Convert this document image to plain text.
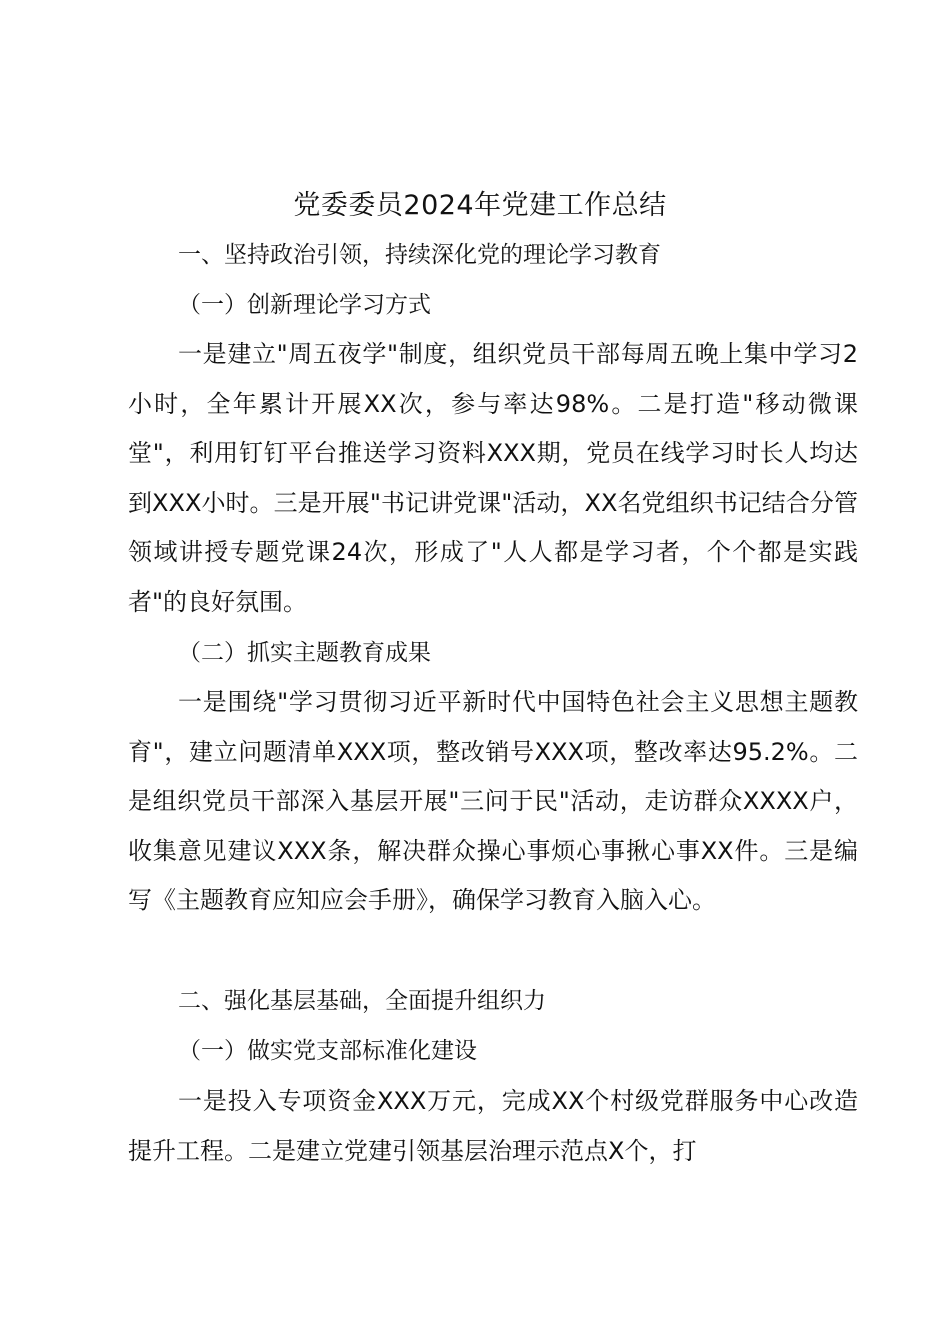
党委委员2024年党建工作总结
一、坚持政治引领，持续深化党的理论学习教育
（一）创新理论学习方式

一是建立"周五夜学"制度，组织党员干部每周五晚上集中学习2小时，全年累计开展XX次，参与率达98%。二是打造"移动微课堂"，利用钉钉平台推送学习资料XXX期，党员在线学习时长人均达到XXX小时。三是开展"书记讲党课"活动，XX名党组织书记结合分管领域讲授专题党课24次，形成了"人人都是学习者，个个都是实践者"的良好氛围。

（二）抓实主题教育成果

一是围绕"学习贯彻习近平新时代中国特色社会主义思想主题教育"，建立问题清单XXX项，整改销号XXX项，整改率达95.2%。二是组织党员干部深入基层开展"三问于民"活动，走访群众XXXX户，收集意见建议XXX条，解决群众操心事烦心事揪心事XX件。三是编写《主题教育应知应会手册》，确保学习教育入脑入心。

二、强化基层基础，全面提升组织力
（一）做实党支部标准化建设

一是投入专项资金XXX万元，完成XX个村级党群服务中心改造提升工程。二是建立党建引领基层治理示范点X个，打
